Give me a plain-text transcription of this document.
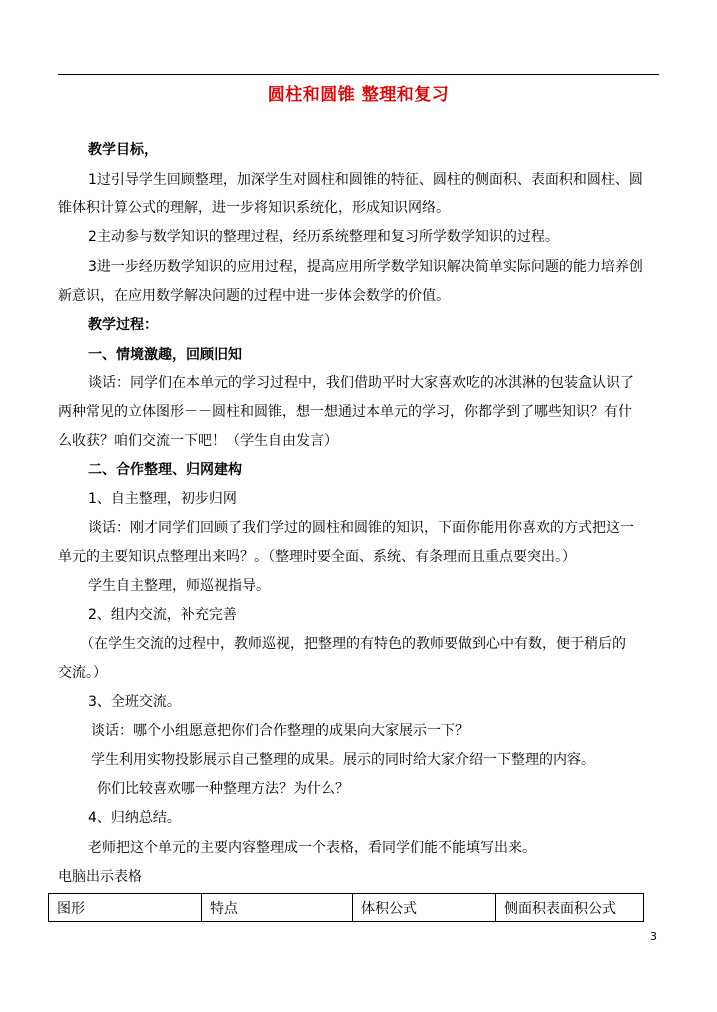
圆柱和圆锥 整理和复习
教学目标，
1过引导学生回顾整理，加深学生对圆柱和圆锥的特征、圆柱的侧面积、表面积和圆柱、圆
锥体积计算公式的理解，进一步将知识系统化，形成知识网络。
2主动参与数学知识的整理过程，经历系统整理和复习所学数学知识的过程。
3进一步经历数学知识的应用过程，提高应用所学数学知识解决简单实际问题的能力培养创
新意识，在应用数学解决问题的过程中进一步体会数学的价值。
教学过程：
一、情境激趣，回顾旧知
谈话：同学们在本单元的学习过程中，我们借助平时大家喜欢吃的冰淇淋的包装盒认识了
两种常见的立体图形－－圆柱和圆锥，想一想通过本单元的学习，你都学到了哪些知识？有什
么收获？咱们交流一下吧！（学生自由发言）
二、合作整理、归网建构
1、自主整理，初步归网
谈话：刚才同学们回顾了我们学过的圆柱和圆锥的知识，下面你能用你喜欢的方式把这一
单元的主要知识点整理出来吗？。（整理时要全面、系统、有条理而且重点要突出。）
学生自主整理，师巡视指导。
2、组内交流，补充完善
（在学生交流的过程中，教师巡视，把整理的有特色的教师要做到心中有数，便于稍后的
交流。）
3、全班交流。
谈话：哪个小组愿意把你们合作整理的成果向大家展示一下？
学生利用实物投影展示自己整理的成果。展示的同时给大家介绍一下整理的内容。
你们比较喜欢哪一种整理方法？为什么？
4、归纳总结。
老师把这个单元的主要内容整理成一个表格，看同学们能不能填写出来。
电脑出示表格
图形	特点	体积公式	侧面积表面积公式
3
